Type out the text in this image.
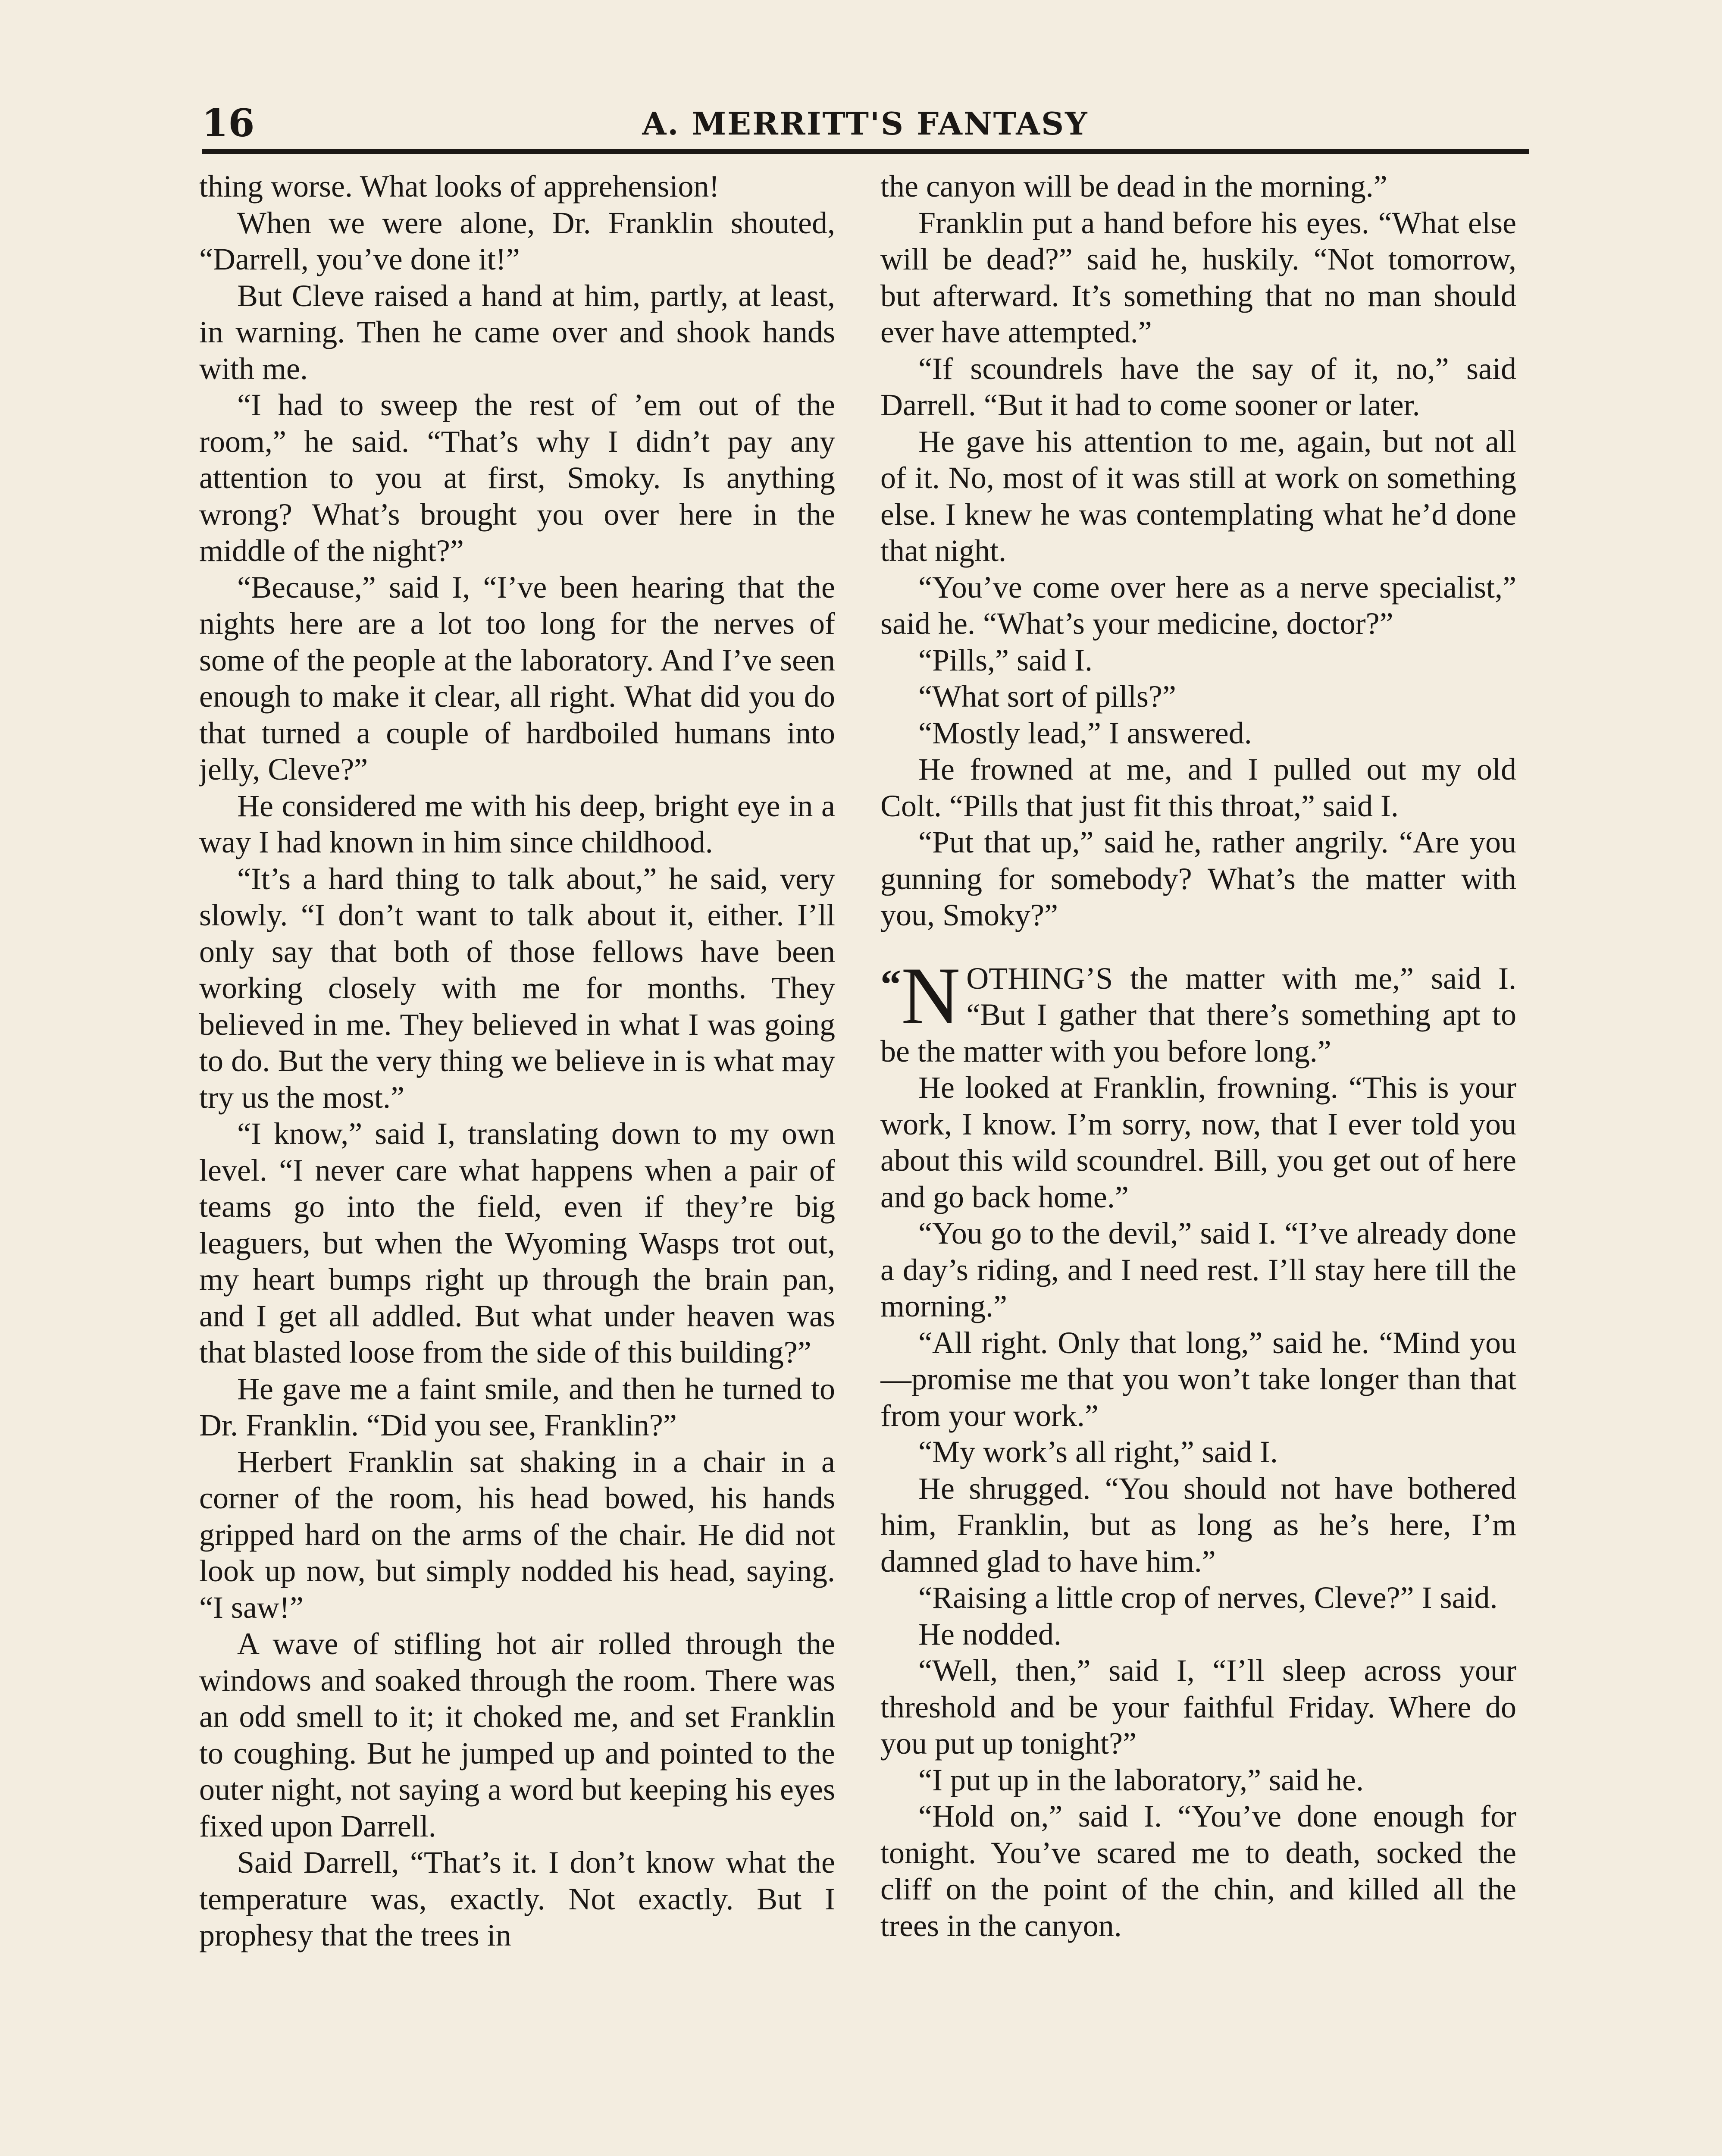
16	A. MERRITT'S FANTASY

thing worse. What looks of apprehension!

When we were alone, Dr. Franklin shouted, “Darrell, you’ve done it!”

But Cleve raised a hand at him, partly, at least, in warning. Then he came over and shook hands with me.

“I had to sweep the rest of ’em out of the room,” he said. “That’s why I didn’t pay any attention to you at first, Smoky. Is anything wrong? What’s brought you over here in the middle of the night?”

“Because,” said I, “I’ve been hearing that the nights here are a lot too long for the nerves of some of the people at the laboratory. And I’ve seen enough to make it clear, all right. What did you do that turned a couple of hardboiled humans into jelly, Cleve?”

He considered me with his deep, bright eye in a way I had known in him since childhood.

“It’s a hard thing to talk about,” he said, very slowly. “I don’t want to talk about it, either. I’ll only say that both of those fellows have been working closely with me for months. They believed in me. They believed in what I was going to do. But the very thing we believe in is what may try us the most.”

“I know,” said I, translating down to my own level. “I never care what happens when a pair of teams go into the field, even if they’re big leaguers, but when the Wyoming Wasps trot out, my heart bumps right up through the brain pan, and I get all addled. But what under heaven was that blasted loose from the side of this building?”

He gave me a faint smile, and then he turned to Dr. Franklin. “Did you see, Franklin?”

Herbert Franklin sat shaking in a chair in a corner of the room, his head bowed, his hands gripped hard on the arms of the chair. He did not look up now, but simply nodded his head, saying. “I saw!”

A wave of stifling hot air rolled through the windows and soaked through the room. There was an odd smell to it; it choked me, and set Franklin to coughing. But he jumped up and pointed to the outer night, not saying a word but keeping his eyes fixed upon Darrell.

Said Darrell, “That’s it. I don’t know what the temperature was, exactly. Not exactly. But I prophesy that the trees in

the canyon will be dead in the morning.”

Franklin put a hand before his eyes. “What else will be dead?” said he, huskily. “Not tomorrow, but afterward. It’s something that no man should ever have attempted.”

“If scoundrels have the say of it, no,” said Darrell. “But it had to come sooner or later.

He gave his attention to me, again, but not all of it. No, most of it was still at work on something else. I knew he was contemplating what he’d done that night.

“You’ve come over here as a nerve specialist,” said he. “What’s your medicine, doctor?”

“Pills,” said I.

“What sort of pills?”

“Mostly lead,” I answered.

He frowned at me, and I pulled out my old Colt. “Pills that just fit this throat,” said I.

“Put that up,” said he, rather angrily. “Are you gunning for somebody? What’s the matter with you, Smoky?”

“N OTHING’S the matter with me,” said I. “But I gather that there’s something apt to be the matter with you before long.”

He looked at Franklin, frowning. “This is your work, I know. I’m sorry, now, that I ever told you about this wild scoundrel. Bill, you get out of here and go back home.”

“You go to the devil,” said I. “I’ve already done a day’s riding, and I need rest. I’ll stay here till the morning.”

“All right. Only that long,” said he. “Mind you—promise me that you won’t take longer than that from your work.”

“My work’s all right,” said I.

He shrugged. “You should not have bothered him, Franklin, but as long as he’s here, I’m damned glad to have him.”

“Raising a little crop of nerves, Cleve?” I said.

He nodded.

“Well, then,” said I, “I’ll sleep across your threshold and be your faithful Friday. Where do you put up tonight?”

“I put up in the laboratory,” said he.

“Hold on,” said I. “You’ve done enough for tonight. You’ve scared me to death, socked the cliff on the point of the chin, and killed all the trees in the canyon.
